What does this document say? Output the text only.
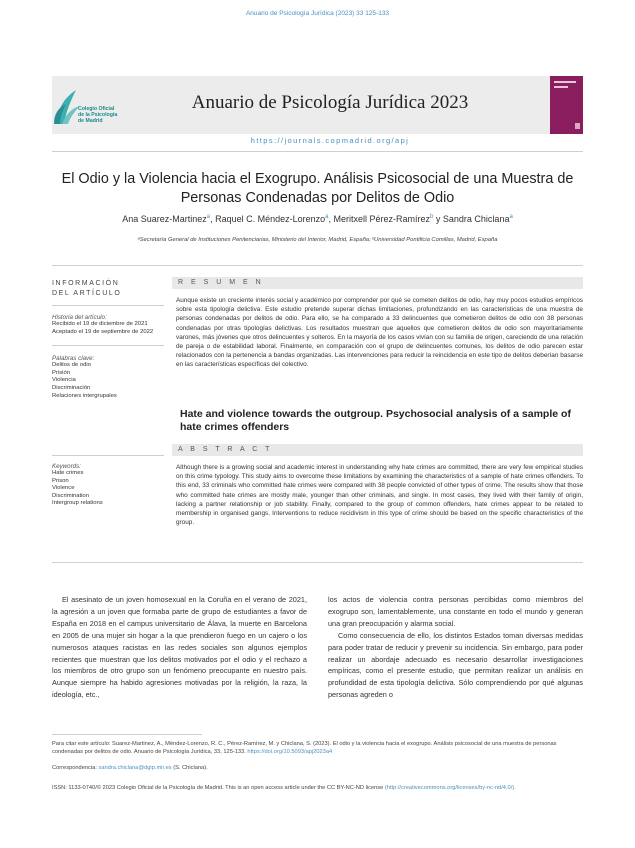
Anuario de Psicología Jurídica (2023) 33 125-133
Colegio Oficial
de la Psicología
de Madrid
Anuario de Psicología Jurídica 2023
https://journals.copmadrid.org/apj
El Odio y la Violencia hacia el Exogrupo. Análisis Psicosocial de una Muestra de Personas Condenadas por Delitos de Odio
Ana Suarez-Martinez$^a$, Raquel C. Méndez-Lorenzo$^a$, Meritxell Pérez-Ramírez$^b$ y Sandra Chiclana$^a$
ᵃSecretaría General de Instituciones Penitenciarias, Ministerio del Interior, Madrid, España; ᵇUniversidad Pontificia Comillas, Madrid, España
INFORMACIÓN
DEL ARTÍCULO
Historia del artículo:
Recibido el 19 de diciembre de 2021
Aceptado el 19 de septiembre de 2022
Palabras clave:
Delitos de odio
Prisión
Violencia
Discriminación
Relaciones intergrupales
Keywords:
Hate crimes
Prison
Violence
Discrimination
Intergroup relations
R E S U M E N
Aunque existe un creciente interés social y académico por comprender por qué se cometen delitos de odio, hay muy pocos estudios empíricos sobre esta tipología delictiva. Este estudio pretende superar dichas limitaciones, profundizando en las características de una muestra de personas condenadas por delitos de odio. Para ello, se ha comparado a 33 delincuentes que cometieron delitos de odio con 38 personas condenadas por otras tipologías delictivas. Los resultados muestran que aquellos que cometieron delitos de odio son mayoritariamente varones, más jóvenes que otros delincuentes y solteros. En la mayoría de los casos vivían con su familia de origen, careciendo de una relación de pareja o de estabilidad laboral. Finalmente, en comparación con el grupo de delincuentes comunes, los delitos de odio parecen estar relacionados con la pertenencia a bandas organizadas. Las intervenciones para reducir la reincidencia en este tipo de delitos deberían basarse en las características específicas del colectivo.
Hate and violence towards the outgroup. Psychosocial analysis of a sample of hate crimes offenders
A B S T R A C T
Although there is a growing social and academic interest in understanding why hate crimes are committed, there are very few empirical studies on this crime typology. This study aims to overcome these limitations by examining the characteristics of a sample of hate crimes offenders. To this end, 33 criminals who committed hate crimes were compared with 38 people convicted of other types of crime. The results show that those who committed hate crimes are mostly male, younger than other criminals, and single. In most cases, they lived with their family of origin, lacking a partner relationship or job stability. Finally, compared to the group of common offenders, hate crimes appear to be related to membership in organised gangs. Interventions to reduce recidivism in this type of crime should be based on the specific characteristics of the group.

El asesinato de un joven homosexual en la Coruña en el verano de 2021, la agresión a un joven que formaba parte de grupo de estudiantes a favor de España en 2018 en el campus universitario de Álava, la muerte en Barcelona en 2005 de una mujer sin hogar a la que prendieron fuego en un cajero o los numerosos ataques racistas en las redes sociales son algunos ejemplos recientes que muestran que los delitos motivados por el odio y el rechazo a los miembros de otro grupo son un fenómeno preocupante en nuestro país. Aunque siempre ha habido agresiones motivadas por la religión, la raza, la ideología, etc.,

los actos de violencia contra personas percibidas como miembros del exogrupo son, lamentablemente, una constante en todo el mundo y generan una gran preocupación y alarma social.

Como consecuencia de ello, los distintos Estados toman diversas medidas para poder tratar de reducir y prevenir su incidencia. Sin embargo, para poder realizar un abordaje adecuado es necesario desarrollar investigaciones empíricas, como el presente estudio, que permitan realizar un análisis en profundidad de esta tipología delictiva. Sólo comprendiendo por qué algunas personas agreden o

Para citar este artículo: Suarez-Martinez, A., Méndez-Lorenzo, R. C., Pérez-Ramírez, M. y Chiclana, S. (2023). El odio y la violencia hacia el exogrupo. Análisis psicosocial de una muestra de personas condenadas por delitos de odio. Anuario de Psicología Jurídica, 33, 125-133. https://doi.org/10.5093/apj2023a4
Correspondencia: sandra.chiclana@dgip.mir.es (S. Chiclana).
ISSN: 1133-0740/© 2023 Colegio Oficial de la Psicología de Madrid. This is an open access article under the CC BY-NC-ND license (http://creativecommons.org/licenses/by-nc-nd/4.0/).
